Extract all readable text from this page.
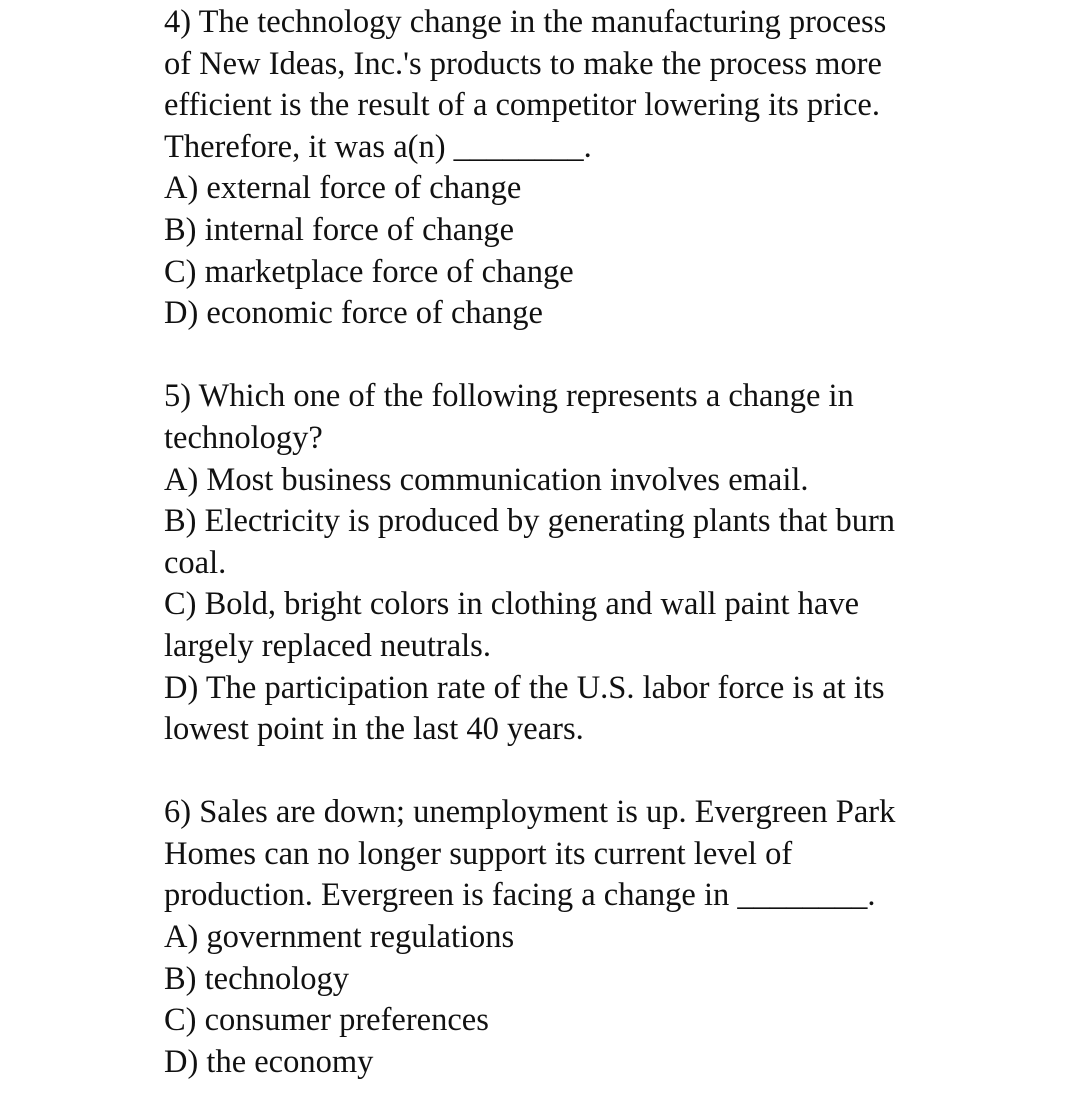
4) The technology change in the manufacturing process
of New Ideas, Inc.'s products to make the process more
efficient is the result of a competitor lowering its price.
Therefore, it was a(n) ________.
A) external force of change
B) internal force of change
C) marketplace force of change
D) economic force of change
5) Which one of the following represents a change in
technology?
A) Most business communication involves email.
B) Electricity is produced by generating plants that burn
coal.
C) Bold, bright colors in clothing and wall paint have
largely replaced neutrals.
D) The participation rate of the U.S. labor force is at its
lowest point in the last 40 years.
6) Sales are down; unemployment is up. Evergreen Park
Homes can no longer support its current level of
production. Evergreen is facing a change in ________.
A) government regulations
B) technology
C) consumer preferences
D) the economy
